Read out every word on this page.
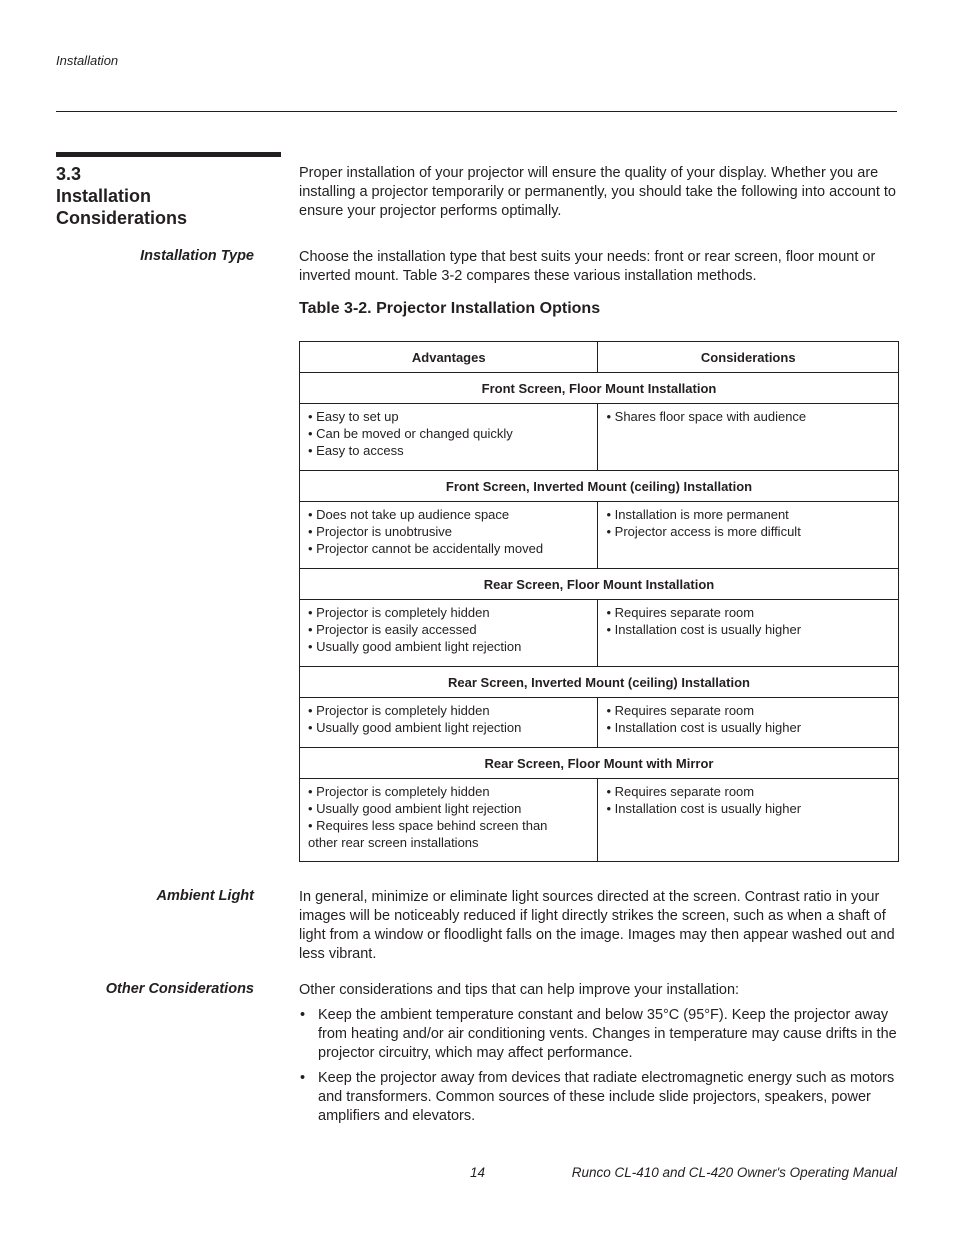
Installation
3.3
Installation
Considerations
Proper installation of your projector will ensure the quality of your display. Whether you are installing a projector temporarily or permanently, you should take the following into account to ensure your projector performs optimally.
Installation Type	Choose the installation type that best suits your needs: front or rear screen, floor mount or inverted mount. Table 3-2 compares these various installation methods.
Table 3-2. Projector Installation Options
Advantages	Considerations
Front Screen, Floor Mount Installation	

• Easy to set up
• Can be moved or changed quickly
• Easy to access	• Shares floor space with audience

Front Screen, Inverted Mount (ceiling) Installation	

• Does not take up audience space
• Projector is unobtrusive
• Projector cannot be accidentally moved	• Installation is more permanent
• Projector access is more difficult

Rear Screen, Floor Mount Installation	

• Projector is completely hidden
• Projector is easily accessed
• Usually good ambient light rejection	• Requires separate room
• Installation cost is usually higher

Rear Screen, Inverted Mount (ceiling) Installation	

• Projector is completely hidden
• Usually good ambient light rejection	• Requires separate room
• Installation cost is usually higher

Rear Screen, Floor Mount with Mirror	

• Projector is completely hidden
• Usually good ambient light rejection
• Requires less space behind screen than
other rear screen installations	• Requires separate room
• Installation cost is usually higher
Ambient Light	In general, minimize or eliminate light sources directed at the screen. Contrast ratio in your images will be noticeably reduced if light directly strikes the screen, such as when a shaft of light from a window or floodlight falls on the image. Images may then appear washed out and less vibrant.
Other Considerations	Other considerations and tips that can help improve your installation:
• Keep the ambient temperature constant and below 35°C (95°F). Keep the projector away from heating and/or air conditioning vents. Changes in temperature may cause drifts in the projector circuitry, which may affect performance.
• Keep the projector away from devices that radiate electromagnetic energy such as motors and transformers. Common sources of these include slide projectors, speakers, power amplifiers and elevators.
14	Runco CL-410 and CL-420 Owner's Operating Manual
